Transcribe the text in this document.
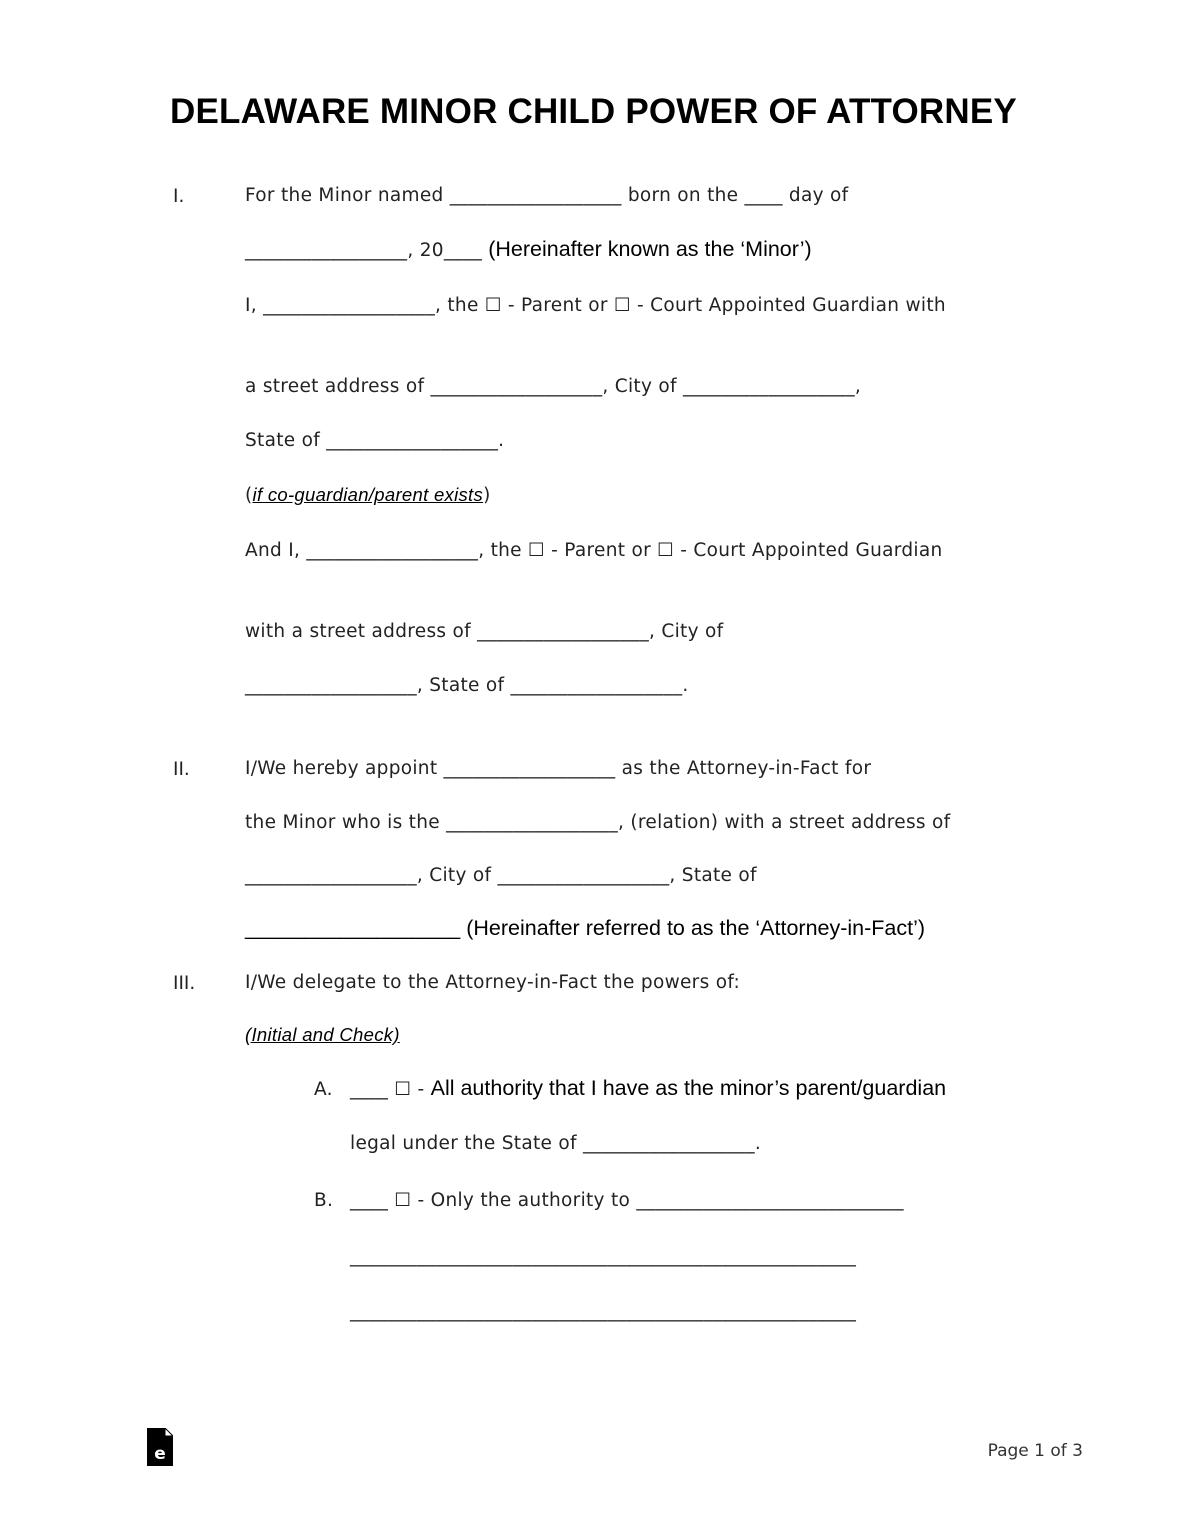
DELAWARE MINOR CHILD POWER OF ATTORNEY
I.	For the Minor named __________________ born on the ____ day of
_________________, 20____ (Hereinafter known as the ‘Minor’)
I, __________________, the ☐ - Parent or ☐ - Court Appointed Guardian with
a street address of __________________, City of __________________,
State of __________________.
(if co-guardian/parent exists)
And I, __________________, the ☐ - Parent or ☐ - Court Appointed Guardian
with a street address of __________________, City of
__________________, State of __________________.
II.	I/We hereby appoint __________________ as the Attorney-in-Fact for
the Minor who is the __________________, (relation) with a street address of
__________________, City of __________________, State of
__________________ (Hereinafter referred to as the ‘Attorney-in-Fact’)
III.	I/We delegate to the Attorney-in-Fact the powers of:
(Initial and Check)
A. ____ ☐ - All authority that I have as the minor’s parent/guardian
legal under the State of __________________.
B. ____ ☐ - Only the authority to ____________________________
_____________________________________________________
_____________________________________________________
e	Page 1 of 3
